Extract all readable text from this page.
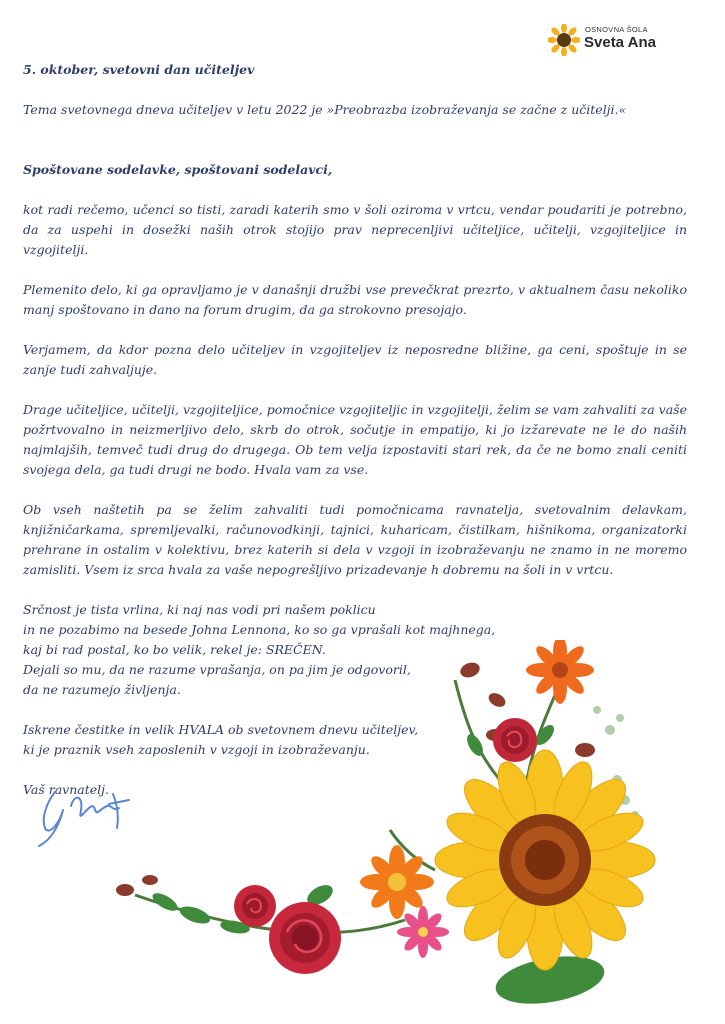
OSNOVNA ŠOLA
Sveta Ana

5. oktober, svetovni dan učiteljev

Tema svetovnega dneva učiteljev v letu 2022 je »Preobrazba izobraževanja se začne z učitelji.«

Spoštovane sodelavke, spoštovani sodelavci,

kot radi rečemo, učenci so tisti, zaradi katerih smo v šoli oziroma v vrtcu, vendar poudariti je potrebno, da za uspehi in dosežki naših otrok stojijo prav neprecenljivi učiteljice, učitelji, vzgojiteljice in vzgojitelji.

Plemenito delo, ki ga opravljamo je v današnji družbi vse prevečkrat prezrto, v aktualnem času nekoliko manj spoštovano in dano na forum drugim, da ga strokovno presojajo.

Verjamem, da kdor pozna delo učiteljev in vzgojiteljev iz neposredne bližine, ga ceni, spoštuje in se zanje tudi zahvaljuje.

Drage učiteljice, učitelji, vzgojiteljice, pomočnice vzgojiteljic in vzgojitelji, želim se vam zahvaliti za vaše požrtvovalno in neizmerljivo delo, skrb do otrok, sočutje in empatijo, ki jo izžarevate ne le do naših najmlajših, temveč tudi drug do drugega. Ob tem velja izpostaviti stari rek, da če ne bomo znali ceniti svojega dela, ga tudi drugi ne bodo. Hvala vam za vse.

Ob vseh naštetih pa se želim zahvaliti tudi pomočnicama ravnatelja, svetovalnim delavkam, knjižničarkama, spremljevalki, računovodkinji, tajnici, kuharicam, čistilkam, hišnikoma, organizatorki prehrane in ostalim v kolektivu, brez katerih si dela v vzgoji in izobraževanju ne znamo in ne moremo zamisliti. Vsem iz srca hvala za vaše nepogrešljivo prizadevanje h dobremu na šoli in v vrtcu.

Srčnost je tista vrlina, ki naj nas vodi pri našem poklicu

in ne pozabimo na besede Johna Lennona, ko so ga vprašali kot majhnega,

kaj bi rad postal, ko bo velik, rekel je: SREČEN.

Dejali so mu, da ne razume vprašanja, on pa jim je odgovoril,

da ne razumejo življenja.

Iskrene čestitke in velik HVALA ob svetovnem dnevu učiteljev,

ki je praznik vseh zaposlenih v vzgoji in izobraževanju.

Vaš ravnatelj.
